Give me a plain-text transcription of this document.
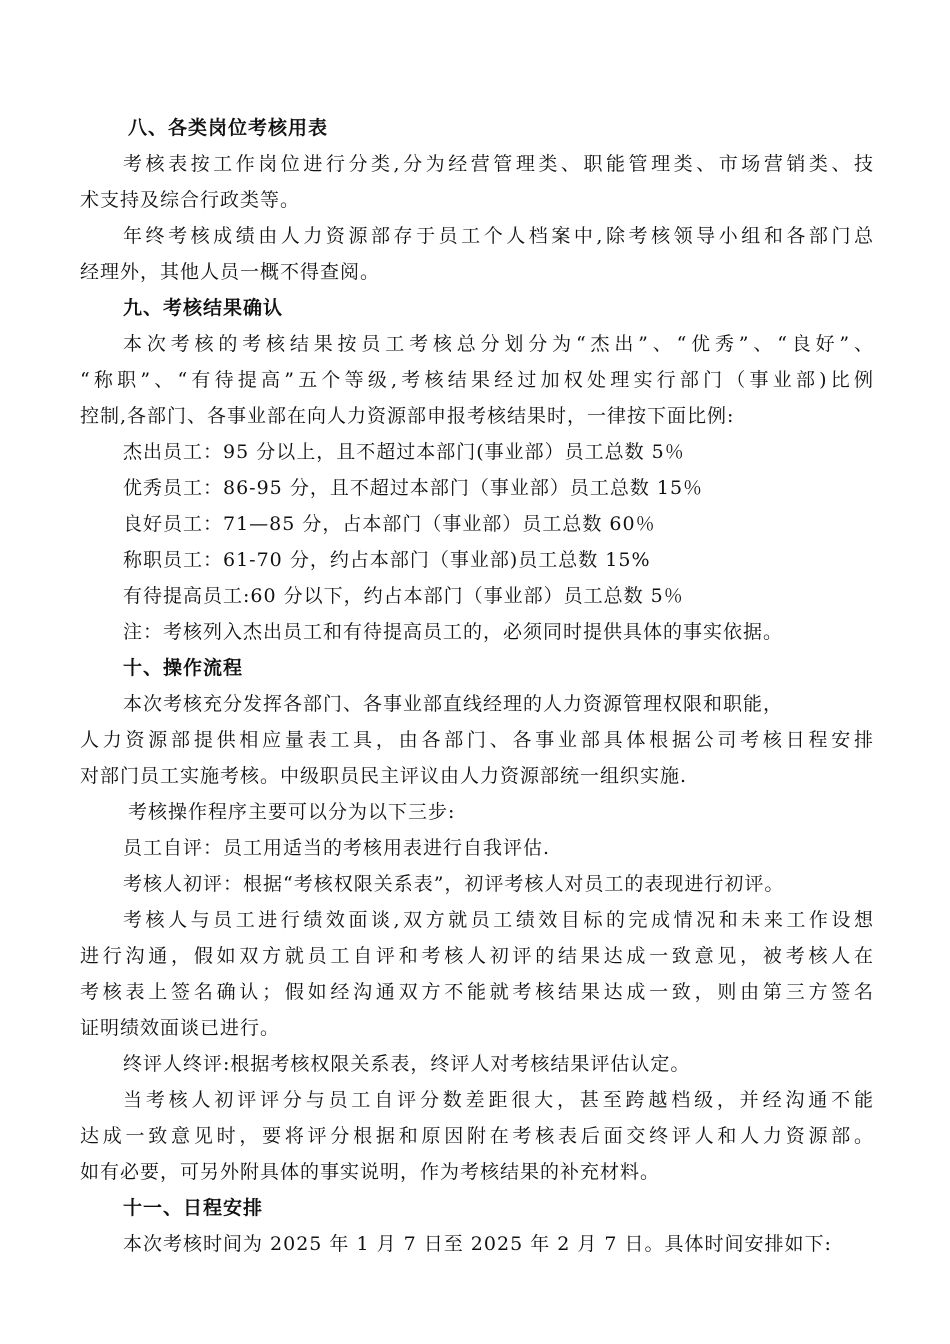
八、各类岗位考核用表
考核表按工作岗位进行分类,分为经营管理类、职能管理类、市场营销类、技
术支持及综合行政类等。
年终考核成绩由人力资源部存于员工个人档案中,除考核领导小组和各部门总
经理外，其他人员一概不得查阅。
九、考核结果确认
本次考核的考核结果按员工考核总分划分为“杰出”、“优秀”、“良好”、
“称职”、“有待提高”五个等级,考核结果经过加权处理实行部门（事业部)比例
控制,各部门、各事业部在向人力资源部申报考核结果时，一律按下面比例:
杰出员工：95 分以上，且不超过本部门(事业部）员工总数 5％
优秀员工：86-95 分，且不超过本部门（事业部）员工总数 15％
良好员工：71—85 分，占本部门（事业部）员工总数 60％
称职员工：61-70 分，约占本部门（事业部)员工总数 15%
有待提高员工:60 分以下，约占本部门（事业部）员工总数 5％
注：考核列入杰出员工和有待提高员工的，必须同时提供具体的事实依据。
十、操作流程
本次考核充分发挥各部门、各事业部直线经理的人力资源管理权限和职能，
人力资源部提供相应量表工具，由各部门、各事业部具体根据公司考核日程安排
对部门员工实施考核。中级职员民主评议由人力资源部统一组织实施.
考核操作程序主要可以分为以下三步:
员工自评：员工用适当的考核用表进行自我评估.
考核人初评：根据“考核权限关系表”，初评考核人对员工的表现进行初评。
考核人与员工进行绩效面谈,双方就员工绩效目标的完成情况和未来工作设想
进行沟通，假如双方就员工自评和考核人初评的结果达成一致意见，被考核人在
考核表上签名确认；假如经沟通双方不能就考核结果达成一致，则由第三方签名
证明绩效面谈已进行。
终评人终评:根据考核权限关系表，终评人对考核结果评估认定。
当考核人初评评分与员工自评分数差距很大，甚至跨越档级，并经沟通不能
达成一致意见时，要将评分根据和原因附在考核表后面交终评人和人力资源部。
如有必要，可另外附具体的事实说明，作为考核结果的补充材料。
十一、日程安排
本次考核时间为 2025 年 1 月 7 日至 2025 年 2 月 7 日。具体时间安排如下:
